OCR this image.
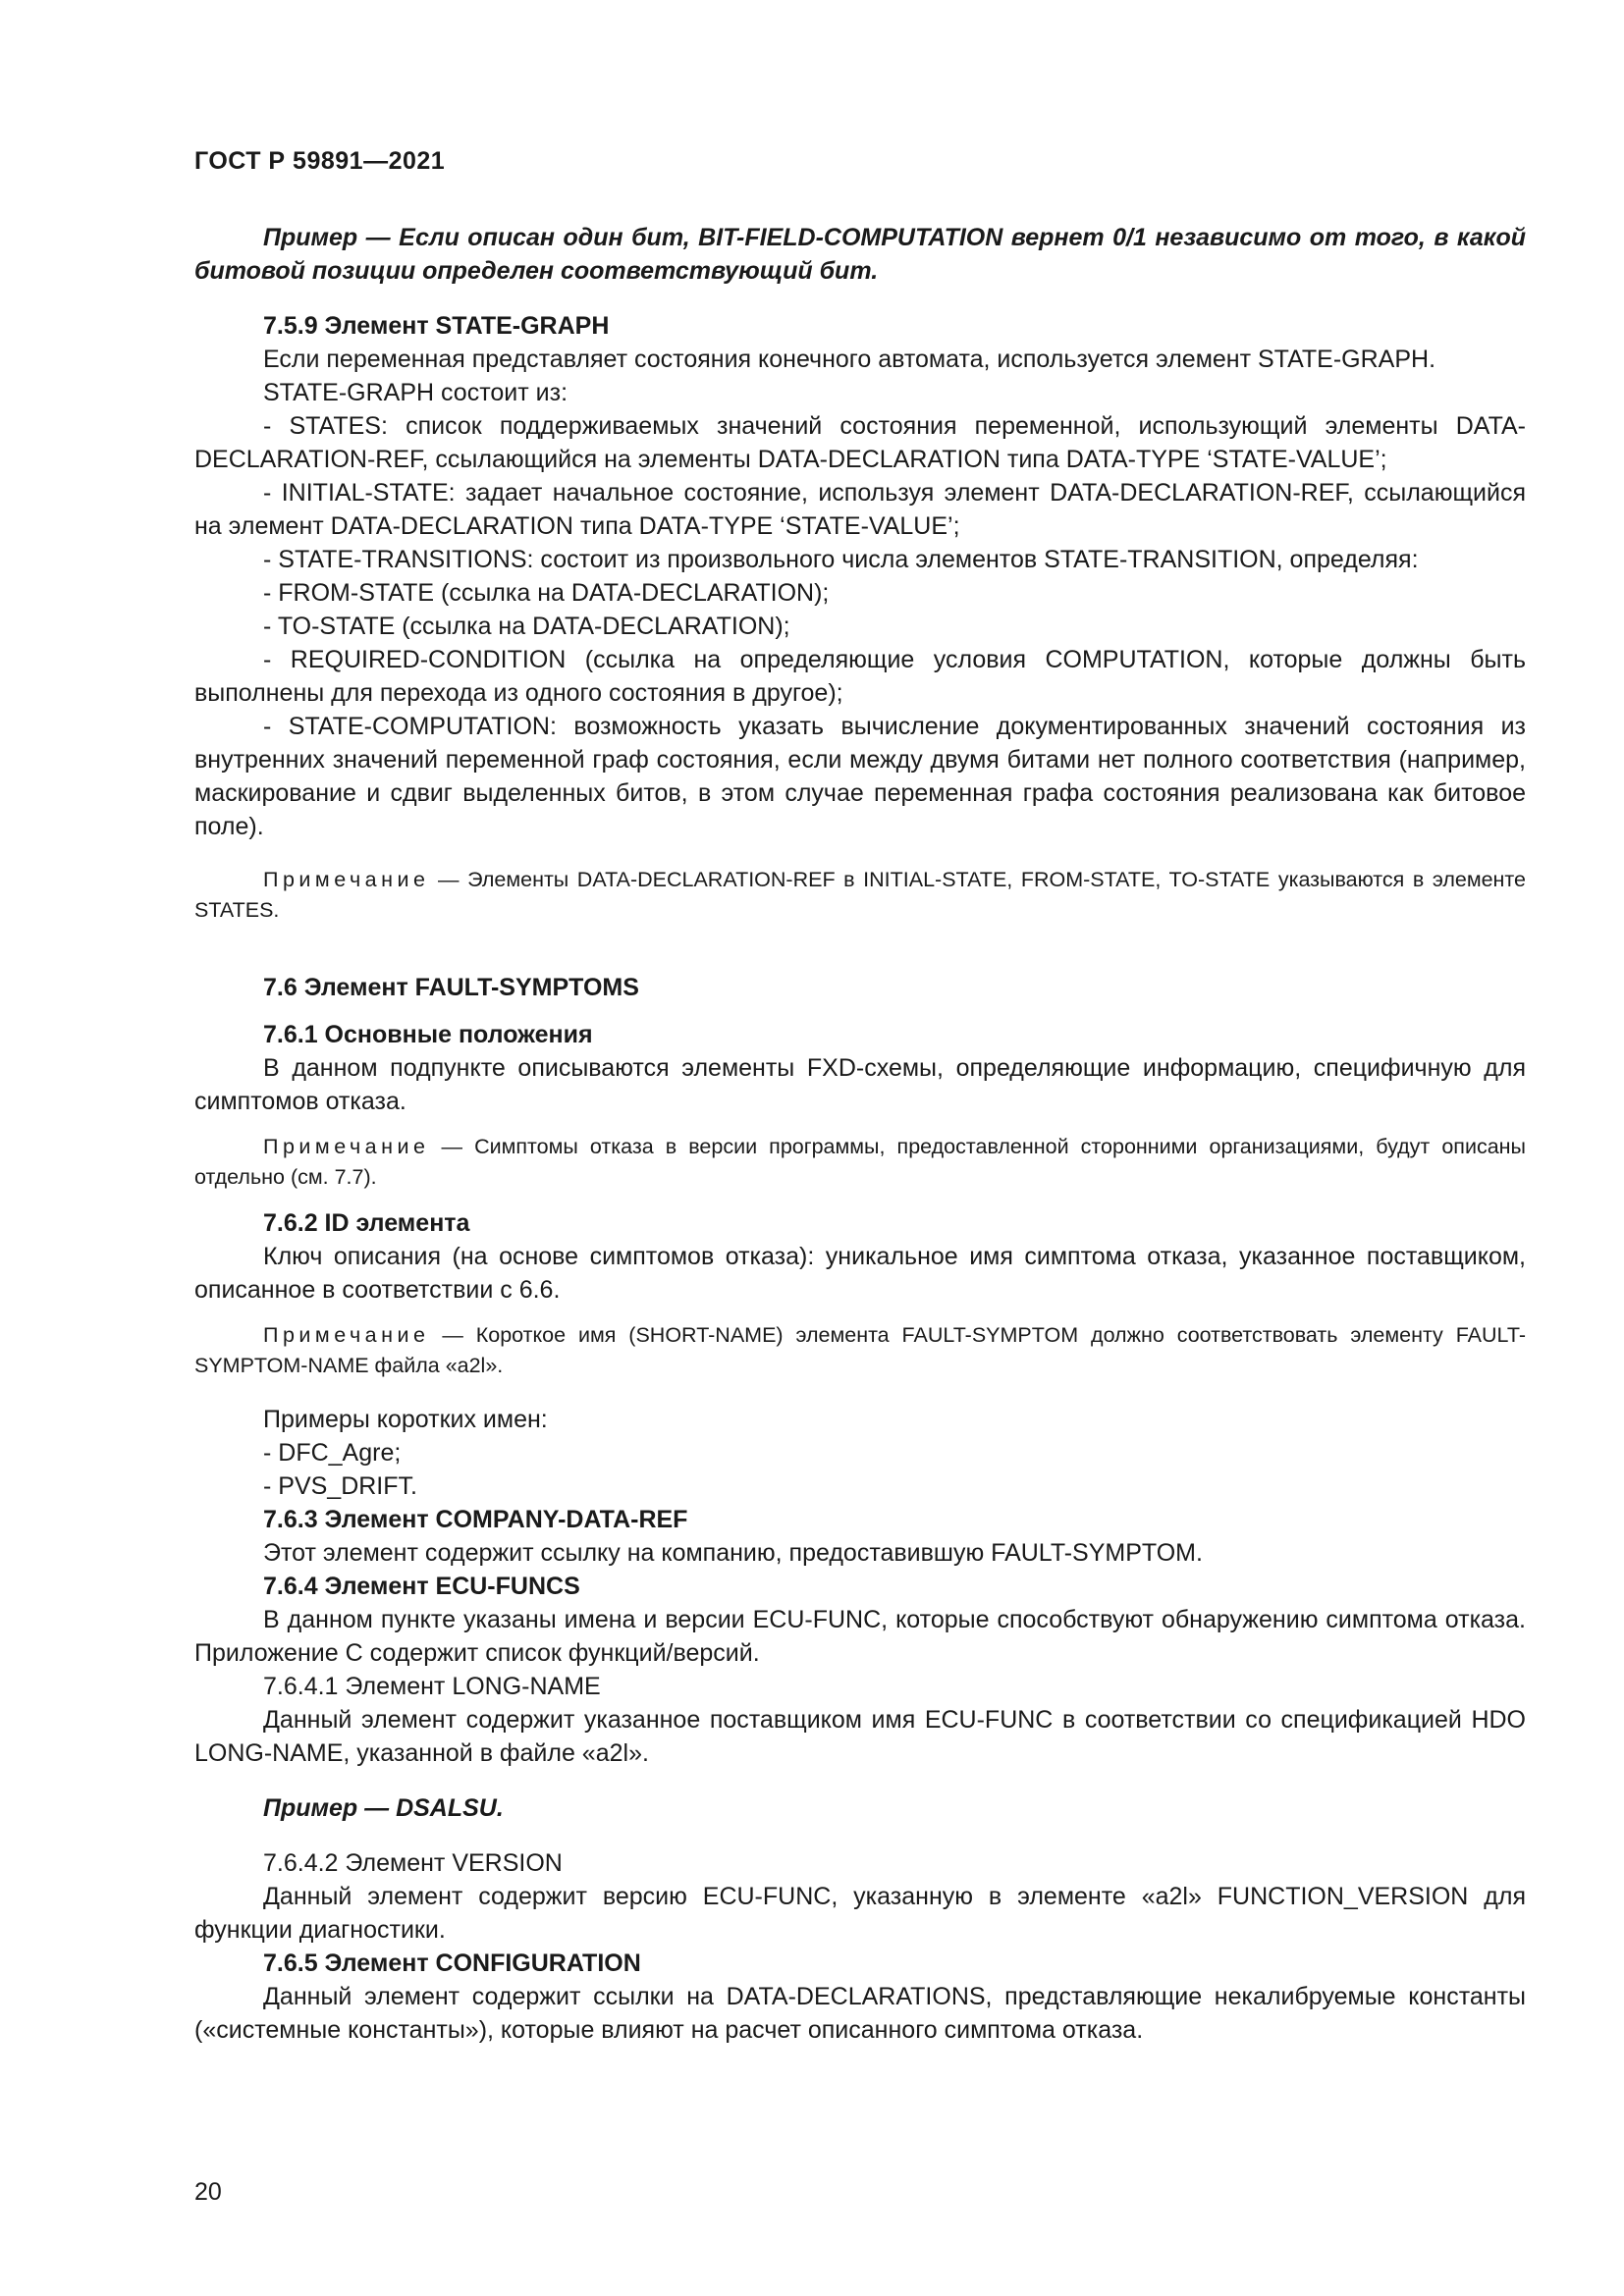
ГОСТ Р 59891—2021

Пример — Если описан один бит, BIT-FIELD-COMPUTATION вернет 0/1 независимо от того, в какой битовой позиции определен соответствующий бит.

7.5.9 Элемент STATE-GRAPH

Если переменная представляет состояния конечного автомата, используется элемент STATE-GRAPH.

STATE-GRAPH состоит из:

- STATES: список поддерживаемых значений состояния переменной, использующий элементы DATA-DECLARATION-REF, ссылающийся на элементы DATA-DECLARATION типа DATA-TYPE ‘STATE-VALUE’;

- INITIAL-STATE: задает начальное состояние, используя элемент DATA-DECLARATION-REF, ссылающийся на элемент DATA-DECLARATION типа DATA-TYPE ‘STATE-VALUE’;

- STATE-TRANSITIONS: состоит из произвольного числа элементов STATE-TRANSITION, определяя:

- FROM-STATE (ссылка на DATA-DECLARATION);

- TO-STATE (ссылка на DATA-DECLARATION);

- REQUIRED-CONDITION (ссылка на определяющие условия COMPUTATION, которые должны быть выполнены для перехода из одного состояния в другое);

- STATE-COMPUTATION: возможность указать вычисление документированных значений состояния из внутренних значений переменной граф состояния, если между двумя битами нет полного соответствия (например, маскирование и сдвиг выделенных битов, в этом случае переменная графа состояния реализована как битовое поле).

Примечание — Элементы DATA-DECLARATION-REF в INITIAL-STATE, FROM-STATE, TO-STATE указываются в элементе STATES.

7.6 Элемент FAULT-SYMPTOMS

7.6.1 Основные положения

В данном подпункте описываются элементы FXD-схемы, определяющие информацию, специфичную для симптомов отказа.

Примечание — Симптомы отказа в версии программы, предоставленной сторонними организациями, будут описаны отдельно (см. 7.7).

7.6.2 ID элемента

Ключ описания (на основе симптомов отказа): уникальное имя симптома отказа, указанное поставщиком, описанное в соответствии с 6.6.

Примечание — Короткое имя (SHORT-NAME) элемента FAULT-SYMPTOM должно соответствовать элементу FAULT-SYMPTOM-NAME файла «a2l».

Примеры коротких имен:

- DFC_Agre;

- PVS_DRIFT.

7.6.3 Элемент COMPANY-DATA-REF

Этот элемент содержит ссылку на компанию, предоставившую FAULT-SYMPTOM.

7.6.4 Элемент ECU-FUNCS

В данном пункте указаны имена и версии ECU-FUNC, которые способствуют обнаружению симптома отказа. Приложение С содержит список функций/версий.

7.6.4.1 Элемент LONG-NAME

Данный элемент содержит указанное поставщиком имя ECU-FUNC в соответствии со спецификацией HDO LONG-NAME, указанной в файле «a2l».

Пример — DSALSU.

7.6.4.2 Элемент VERSION

Данный элемент содержит версию ECU-FUNC, указанную в элементе «a2l» FUNCTION_VERSION для функции диагностики.

7.6.5 Элемент CONFIGURATION

Данный элемент содержит ссылки на DATA-DECLARATIONS, представляющие некалибруемые константы («системные константы»), которые влияют на расчет описанного симптома отказа.

20
